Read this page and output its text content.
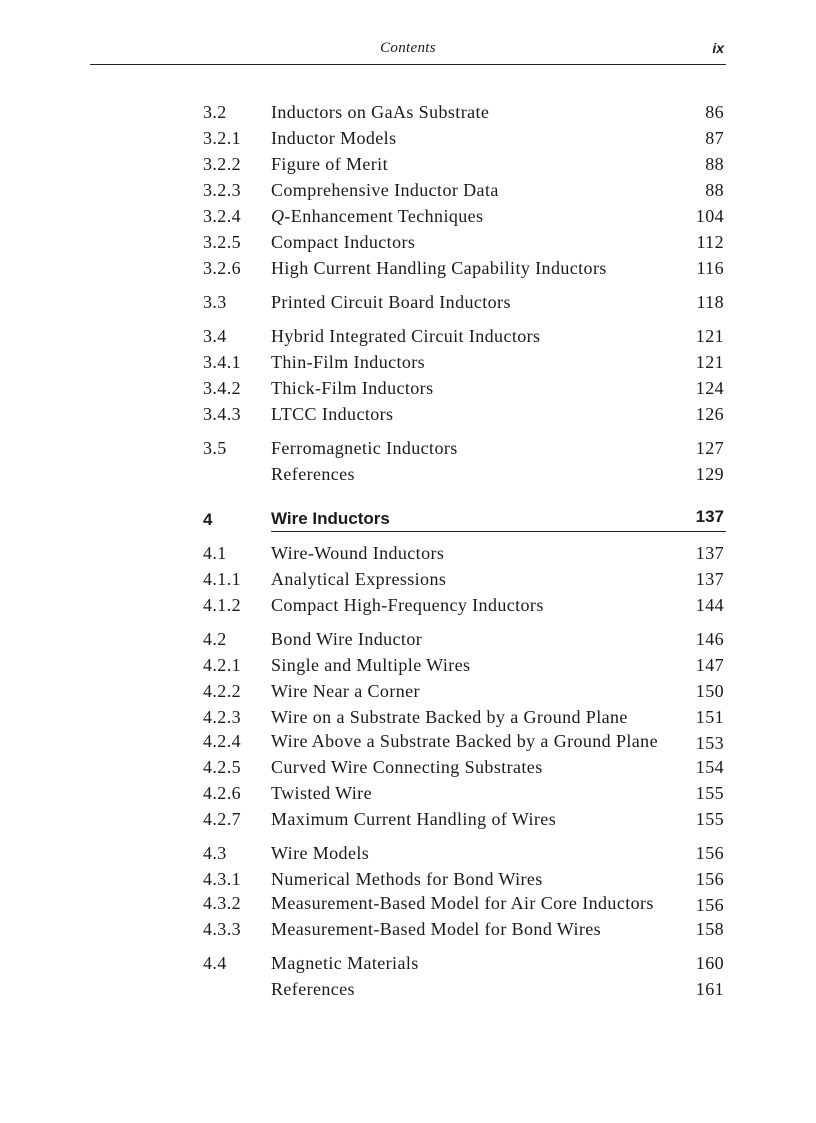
Contents	ix
3.2 Inductors on GaAs Substrate	86
3.2.1 Inductor Models	87
3.2.2 Figure of Merit	88
3.2.3 Comprehensive Inductor Data	88
3.2.4 Q-Enhancement Techniques	104
3.2.5 Compact Inductors	112
3.2.6 High Current Handling Capability Inductors	116
3.3 Printed Circuit Board Inductors	118
3.4 Hybrid Integrated Circuit Inductors	121
3.4.1 Thin-Film Inductors	121
3.4.2 Thick-Film Inductors	124
3.4.3 LTCC Inductors	126
3.5 Ferromagnetic Inductors	127
References	129
4	Wire Inductors	137
4.1 Wire-Wound Inductors	137
4.1.1 Analytical Expressions	137
4.1.2 Compact High-Frequency Inductors	144
4.2 Bond Wire Inductor	146
4.2.1 Single and Multiple Wires	147
4.2.2 Wire Near a Corner	150
4.2.3 Wire on a Substrate Backed by a Ground Plane	151
4.2.4 Wire Above a Substrate Backed by a Ground Plane	153
4.2.5 Curved Wire Connecting Substrates	154
4.2.6 Twisted Wire	155
4.2.7 Maximum Current Handling of Wires	155
4.3 Wire Models	156
4.3.1 Numerical Methods for Bond Wires	156
4.3.2 Measurement-Based Model for Air Core Inductors	156
4.3.3 Measurement-Based Model for Bond Wires	158
4.4 Magnetic Materials	160
References	161
